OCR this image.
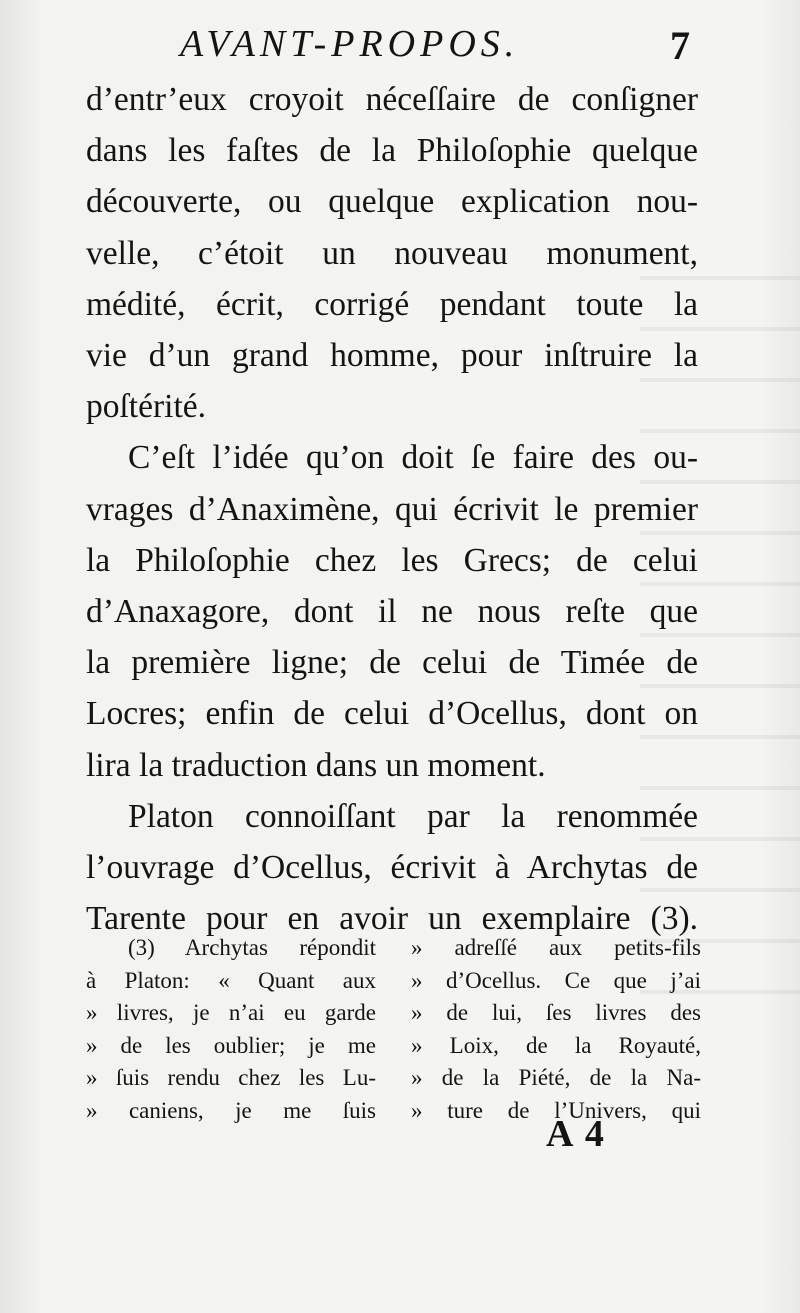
AVANT-PROPOS.	7
d’entr’eux croyoit néceſſaire de conſigner
dans les faſtes de la Philoſophie quelque
découverte, ou quelque explication nou-
velle, c’étoit un nouveau monument,
médité, écrit, corrigé pendant toute la
vie d’un grand homme, pour inſtruire la
poſtérité.
C’eſt l’idée qu’on doit ſe faire des ou-
vrages d’Anaximène, qui écrivit le premier
la Philoſophie chez les Grecs; de celui
d’Anaxagore, dont il ne nous reſte que
la première ligne; de celui de Timée de
Locres; enfin de celui d’Ocellus, dont on
lira la traduction dans un moment.
Platon connoiſſant par la renommée
l’ouvrage d’Ocellus, écrivit à Archytas de
Tarente pour en avoir un exemplaire (3).
(3) Archytas répondit
à Platon: « Quant aux
» livres, je n’ai eu garde
» de les oublier; je me
» ſuis rendu chez les Lu-
» caniens, je me ſuis
» adreſſé aux petits-fils
» d’Ocellus. Ce que j’ai
» de lui, ſes livres des
» Loix, de la Royauté,
» de la Piété, de la Na-
» ture de l’Univers, qui
A 4
